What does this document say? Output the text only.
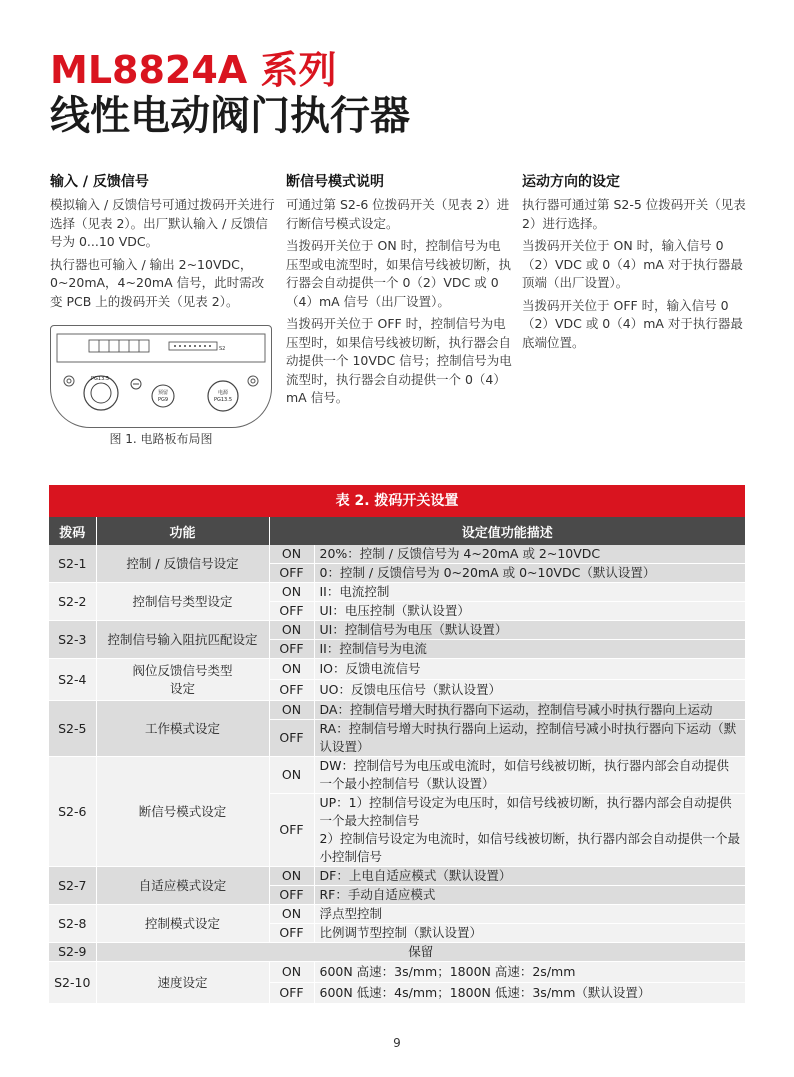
ML8824A 系列
线性电动阀门执行器
输入 / 反馈信号

模拟输入 / 反馈信号可通过拨码开关进行选择（见表 2）。出厂默认输入 / 反馈信号为 0...10 VDC。

执行器也可输入 / 输出 2~10VDC，0~20mA，4~20mA 信号，此时需改变 PCB 上的拨码开关（见表 2）。

断信号模式说明

可通过第 S2-6 位拨码开关（见表 2）进行断信号模式设定。

当拨码开关位于 ON 时，控制信号为电压型或电流型时，如果信号线被切断，执行器会自动提供一个 0（2）VDC 或 0（4）mA 信号（出厂设置）。

当拨码开关位于 OFF 时，控制信号为电压型时，如果信号线被切断，执行器会自动提供一个 10VDC 信号；控制信号为电流型时，执行器会自动提供一个 0（4）mA 信号。

运动方向的设定

执行器可通过第 S2-5 位拨码开关（见表 2）进行选择。

当拨码开关位于 ON 时，输入信号 0（2）VDC 或 0（4）mA 对于执行器最顶端（出厂设置）。

当拨码开关位于 OFF 时，输入信号 0（2）VDC 或 0（4）mA 对于执行器最底端位置。

S2
PG13.5
预留
PG9
电源
PG13.5
图 1. 电路板布局图
表 2. 拨码开关设置
拨码	功能	设定值功能描述	
S2-1	控制 / 反馈信号设定	ON	20%：控制 / 反馈信号为 4~20mA 或 2~10VDC
		OFF	0：控制 / 反馈信号为 0~20mA 或 0~10VDC（默认设置）
S2-2	控制信号类型设定	ON	II：电流控制
		OFF	UI：电压控制（默认设置）
S2-3	控制信号输入阻抗匹配设定	ON	UI：控制信号为电压（默认设置）
		OFF	II：控制信号为电流
S2-4	阀位反馈信号类型设定	ON	IO：反馈电流信号
		OFF	UO：反馈电压信号（默认设置）
S2-5	工作模式设定	ON	DA：控制信号增大时执行器向下运动，控制信号减小时执行器向上运动
		OFF	RA：控制信号增大时执行器向上运动，控制信号减小时执行器向下运动（默认设置）
S2-6	断信号模式设定	ON	DW：控制信号为电压或电流时，如信号线被切断，执行器内部会自动提供一个最小控制信号（默认设置）
		OFF	UP：1）控制信号设定为电压时，如信号线被切断，执行器内部会自动提供一个最大控制信号
			2）控制信号设定为电流时，如信号线被切断，执行器内部会自动提供一个最小控制信号
S2-7	自适应模式设定	ON	DF：上电自适应模式（默认设置）
		OFF	RF：手动自适应模式
S2-8	控制模式设定	ON	浮点型控制
		OFF	比例调节型控制（默认设置）
S2-9	保留		
S2-10	速度设定	ON	600N 高速：3s/mm；1800N 高速：2s/mm
		OFF	600N 低速：4s/mm；1800N 低速：3s/mm（默认设置）
9
